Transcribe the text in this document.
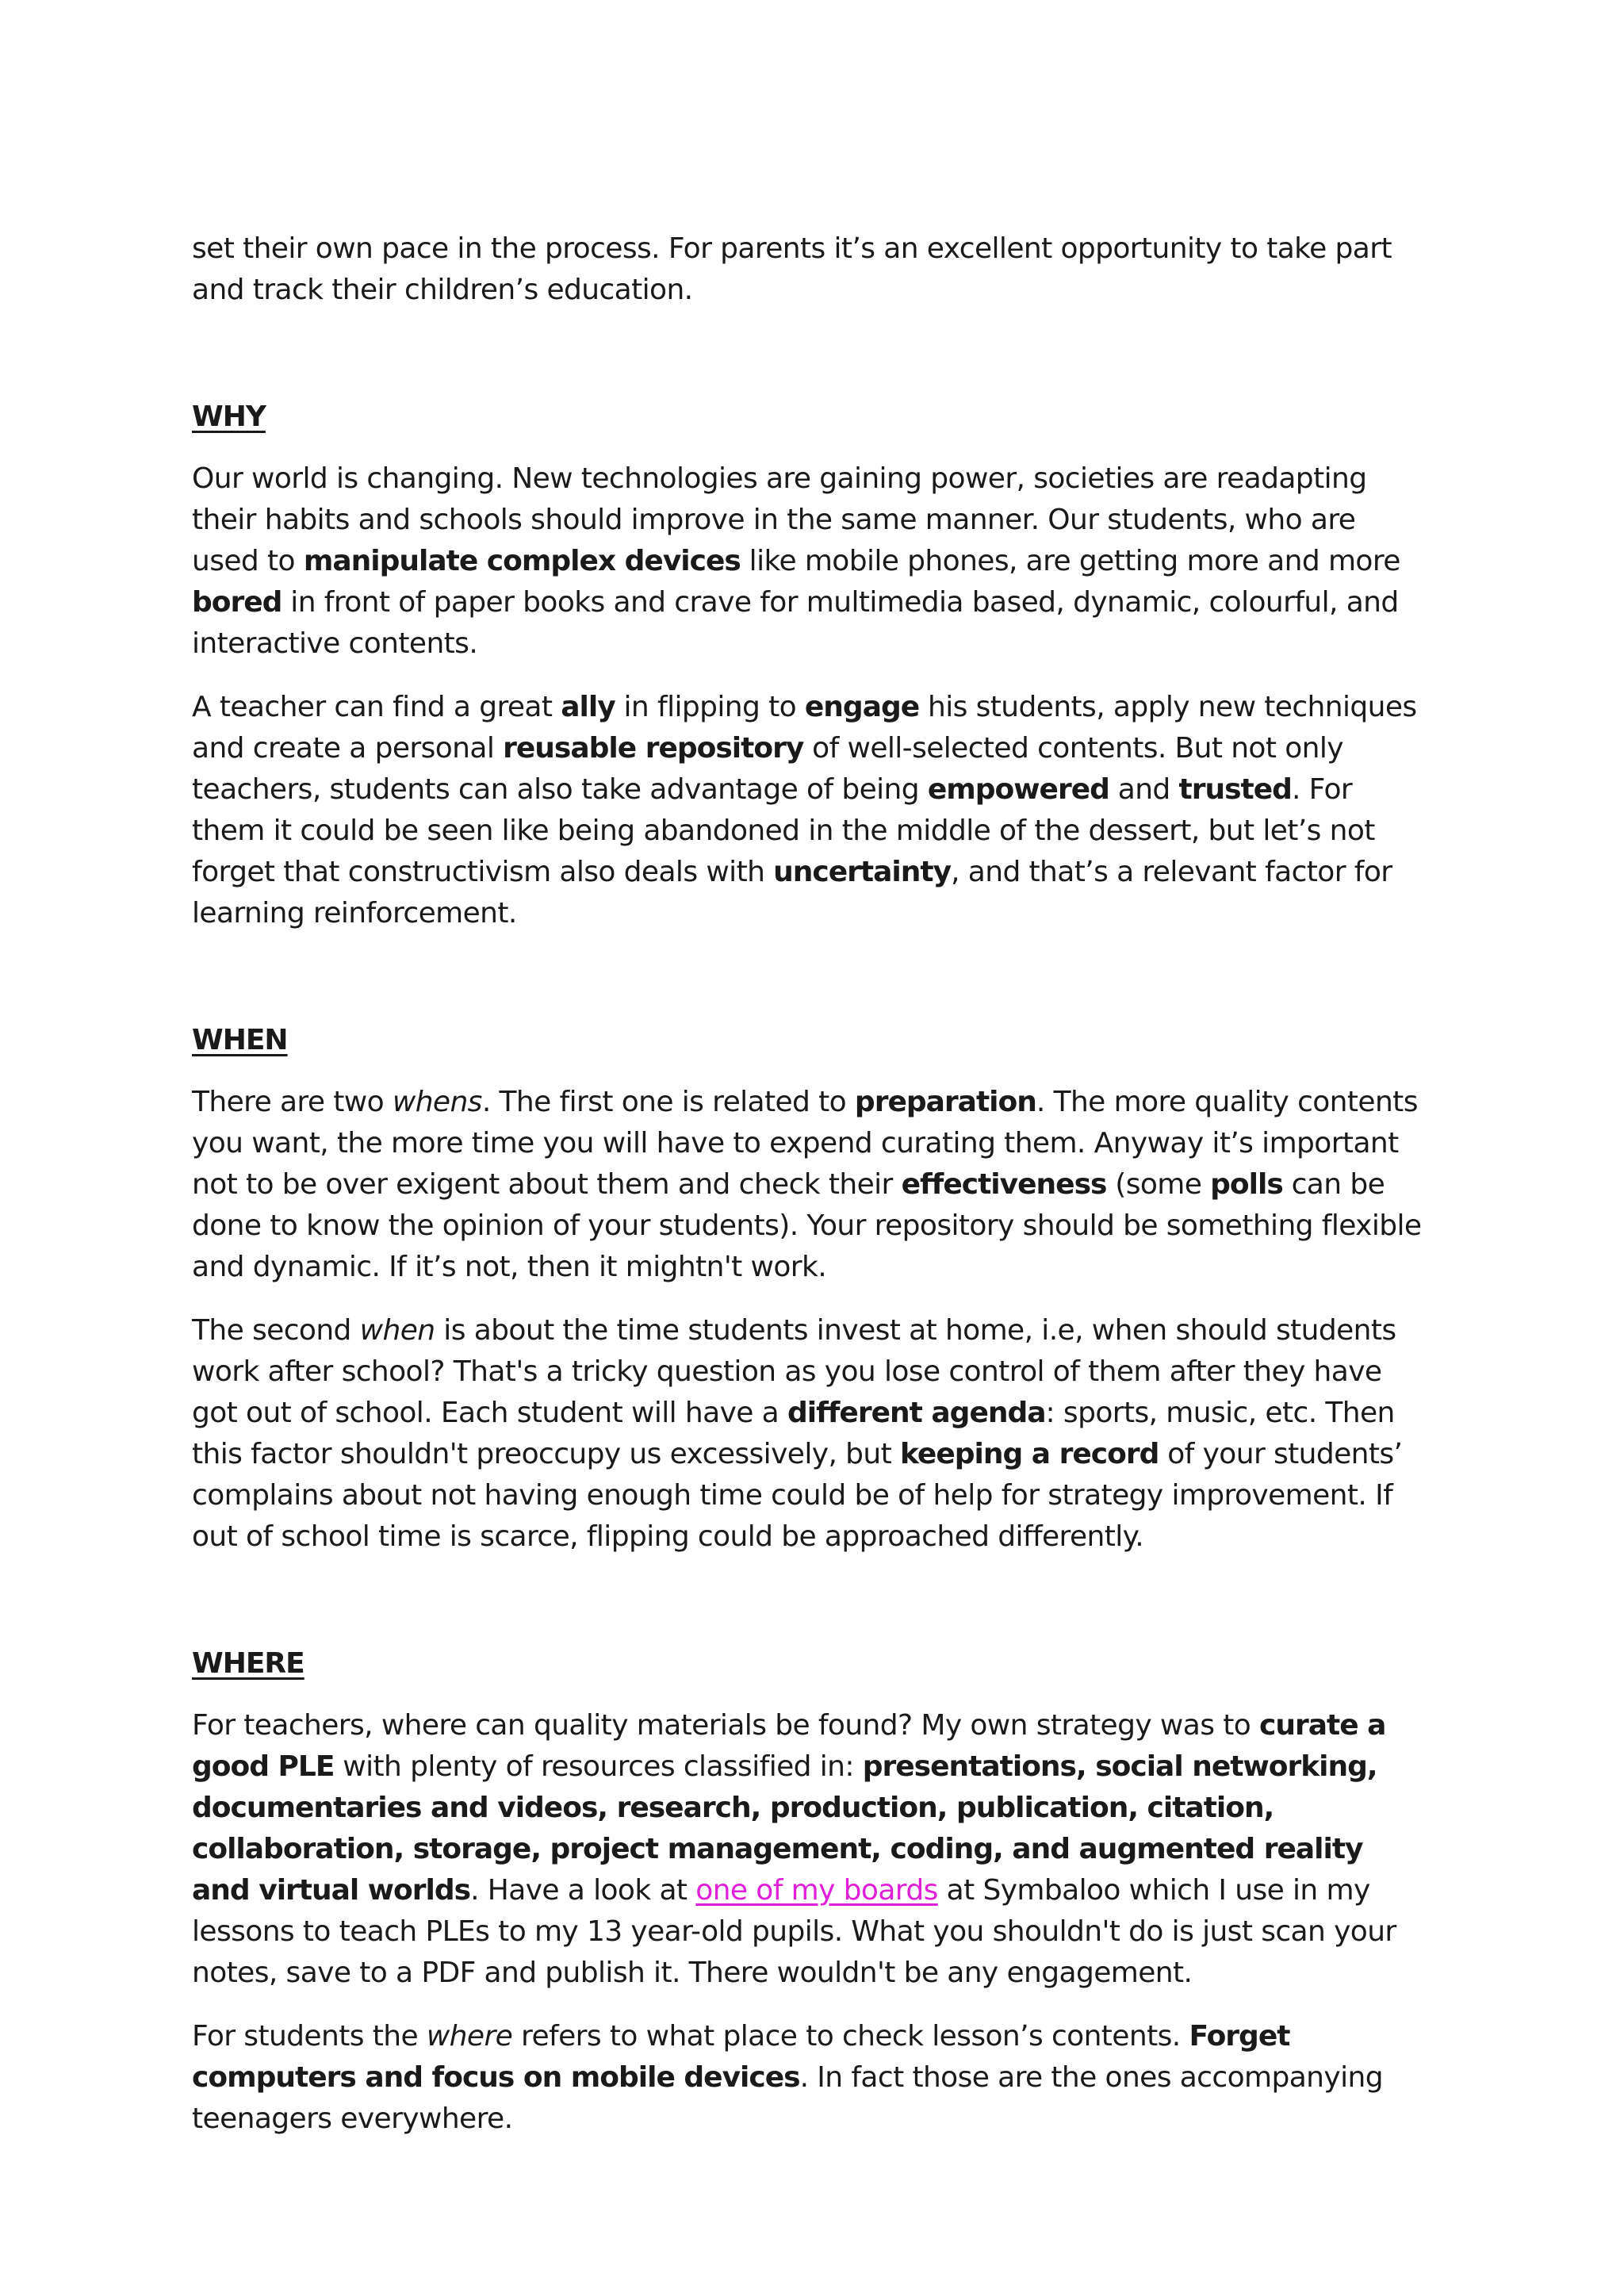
set their own pace in the process. For parents it’s an excellent opportunity to take part and track their children’s education.

WHY

Our world is changing. New technologies are gaining power, societies are readapting their habits and schools should improve in the same manner. Our students, who are used to manipulate complex devices like mobile phones, are getting more and more bored in front of paper books and crave for multimedia based, dynamic, colourful, and interactive contents.

A teacher can find a great ally in flipping to engage his students, apply new techniques and create a personal reusable repository of well-selected contents. But not only teachers, students can also take advantage of being empowered and trusted. For them it could be seen like being abandoned in the middle of the dessert, but let’s not forget that constructivism also deals with uncertainty, and that’s a relevant factor for learning reinforcement.

WHEN

There are two whens. The first one is related to preparation. The more quality contents you want, the more time you will have to expend curating them. Anyway it’s important not to be over exigent about them and check their effectiveness (some polls can be done to know the opinion of your students). Your repository should be something flexible and dynamic. If it’s not, then it mightn't work.

The second when is about the time students invest at home, i.e, when should students work after school? That's a tricky question as you lose control of them after they have got out of school. Each student will have a different agenda: sports, music, etc. Then this factor shouldn't preoccupy us excessively, but keeping a record of your students’ complains about not having enough time could be of help for strategy improvement. If out of school time is scarce, flipping could be approached differently.

WHERE

For teachers, where can quality materials be found? My own strategy was to curate a good PLE with plenty of resources classified in: presentations, social networking, documentaries and videos, research, production, publication, citation, collaboration, storage, project management, coding, and augmented reality and virtual worlds. Have a look at one of my boards at Symbaloo which I use in my lessons to teach PLEs to my 13 year-old pupils. What you shouldn't do is just scan your notes, save to a PDF and publish it. There wouldn't be any engagement.

For students the where refers to what place to check lesson’s contents. Forget computers and focus on mobile devices. In fact those are the ones accompanying teenagers everywhere.
